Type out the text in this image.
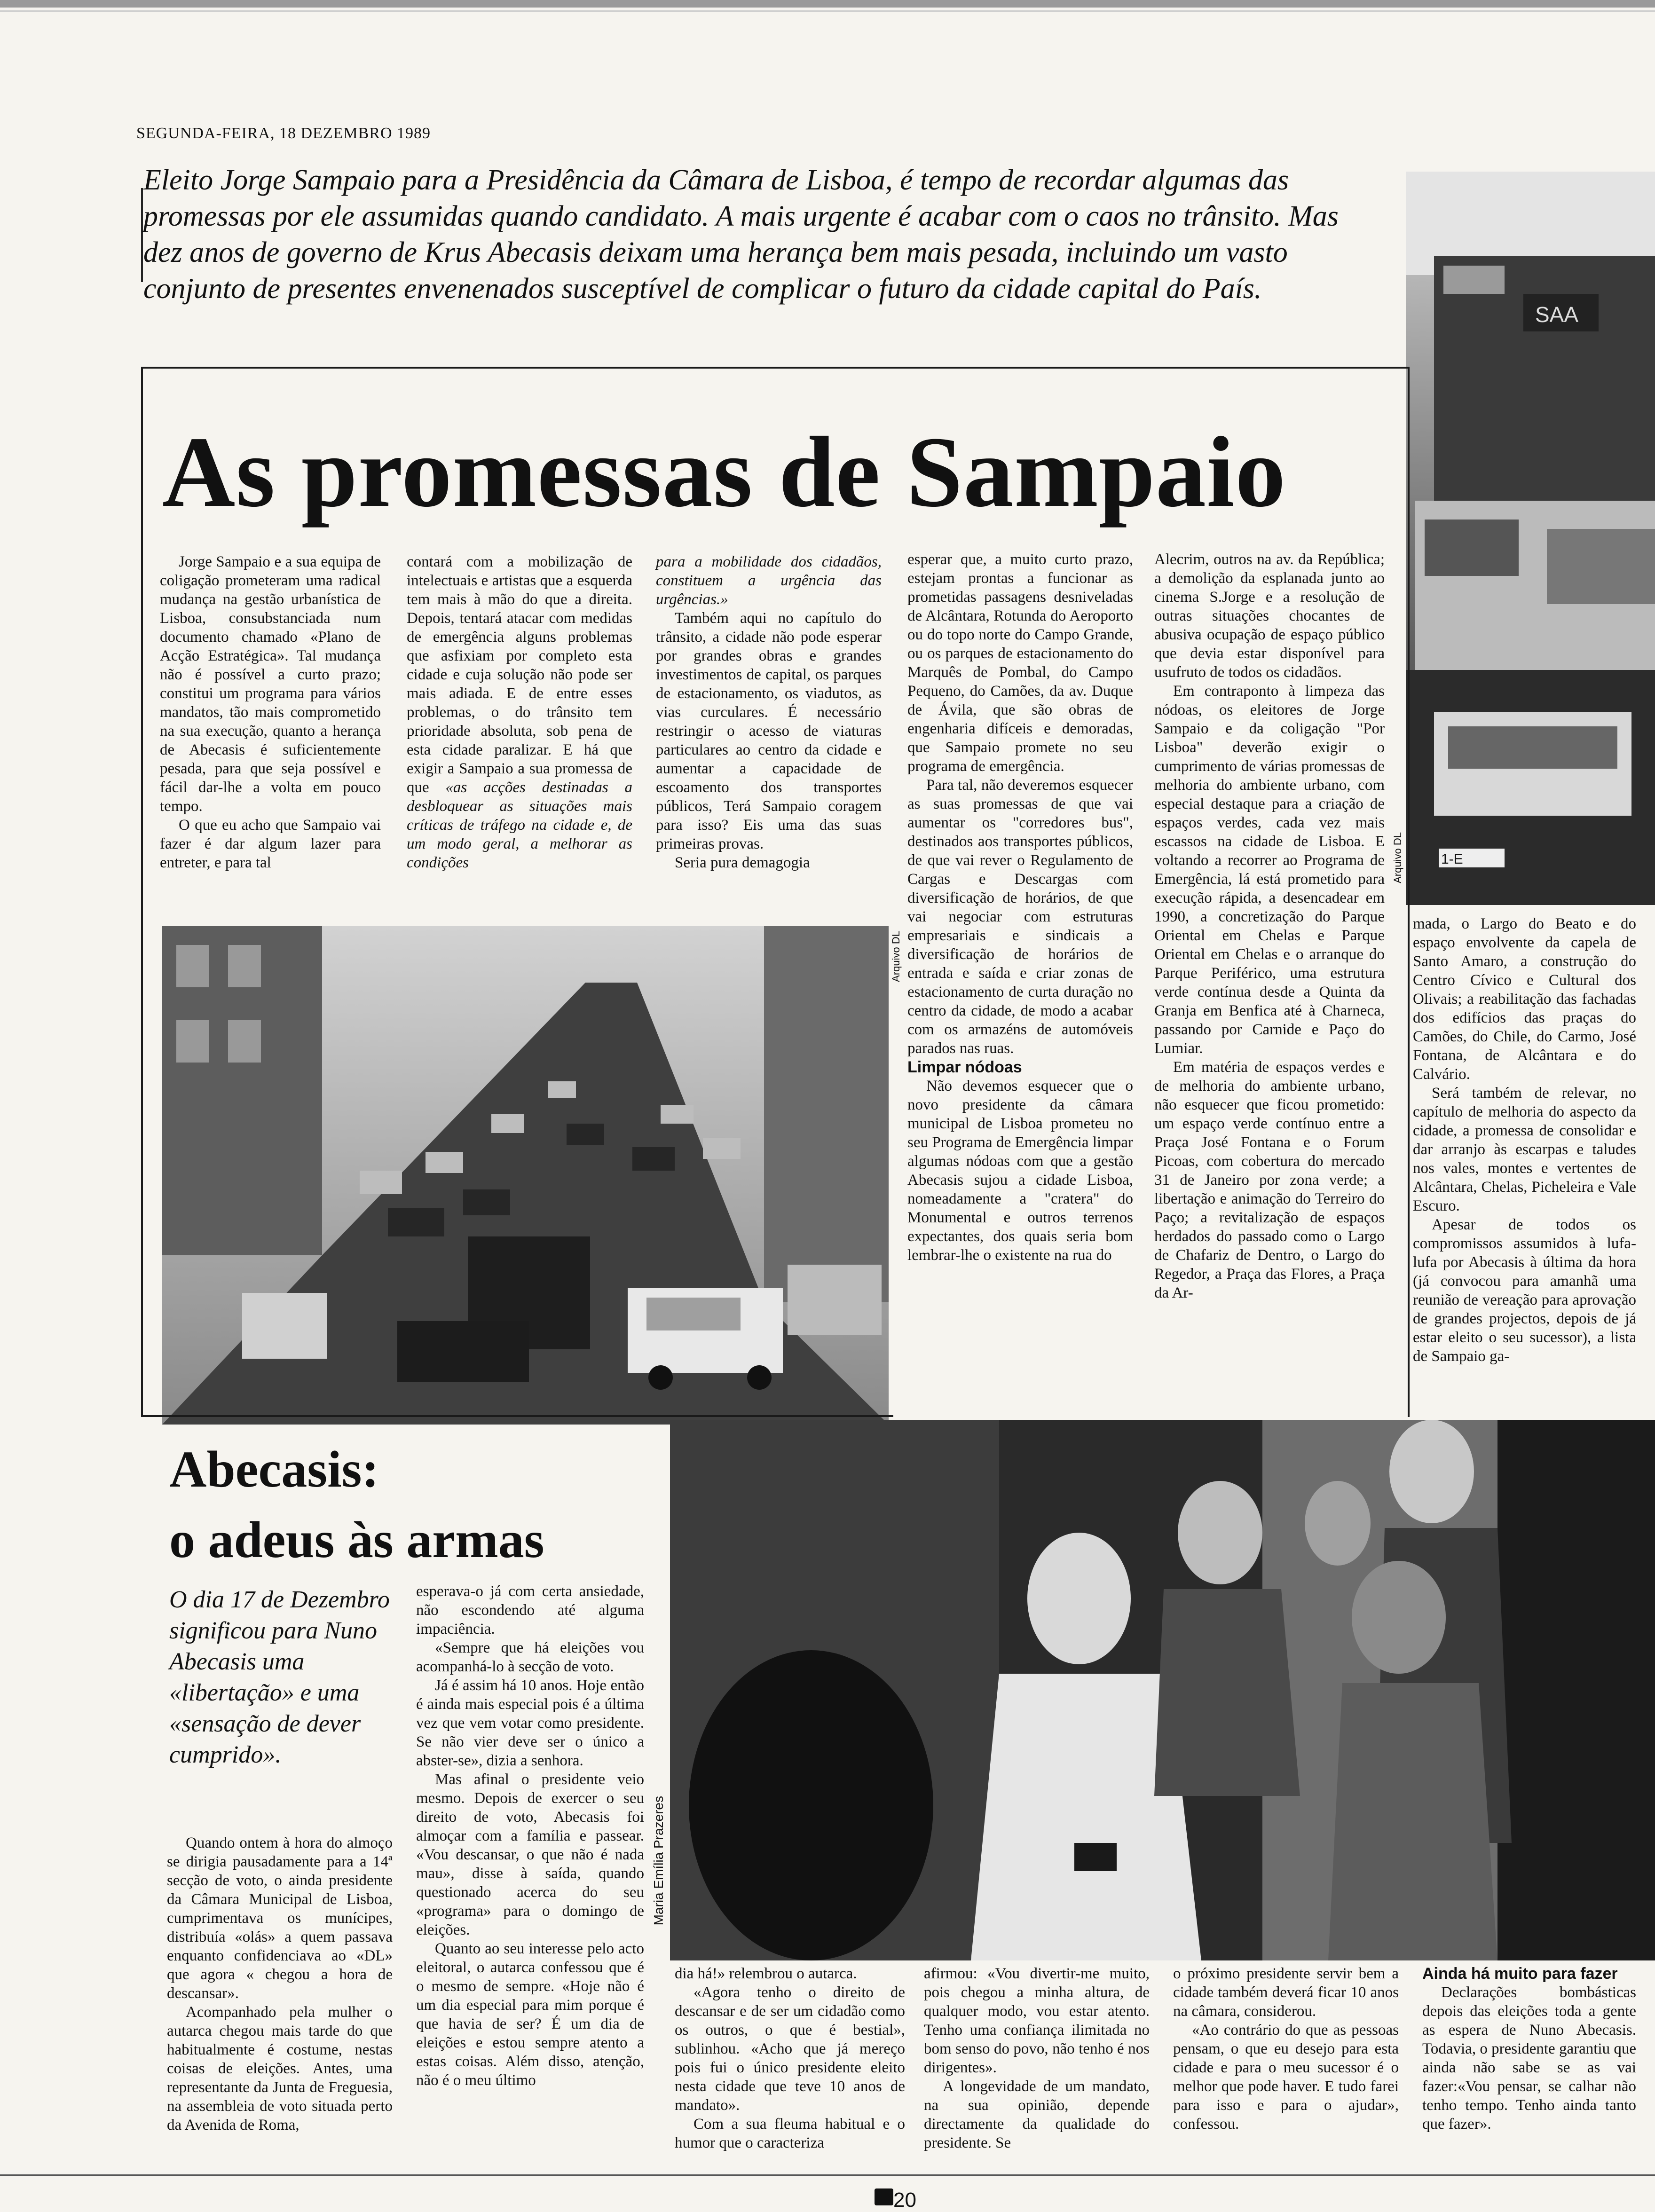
SEGUNDA-FEIRA, 18 DEZEMBRO 1989
Eleito Jorge Sampaio para a Presidência da Câmara de Lisboa, é tempo de recordar algumas das promessas por ele assumidas quando candidato. A mais urgente é acabar com o caos no trânsito. Mas dez anos de governo de Krus Abecasis deixam uma herança bem mais pesada, incluindo um vasto conjunto de presentes envenenados susceptível de complicar o futuro da cidade capital do País.
SAA
1-E
Arquivo DL
As promessas de Sampaio

Jorge Sampaio e a sua equipa de coligação prometeram uma radical mudança na gestão urbanística de Lisboa, consubstanciada num documento chamado «Plano de Acção Estratégica». Tal mudança não é possível a curto prazo; constitui um programa para vários mandatos, tão mais comprometido na sua execução, quanto a herança de Abecasis é suficientemente pesada, para que seja possível e fácil dar-lhe a volta em pouco tempo.

O que eu acho que Sampaio vai fazer é dar algum lazer para entreter, e para tal

contará com a mobilização de intelectuais e artistas que a esquerda tem mais à mão do que a direita. Depois, tentará atacar com medidas de emergência alguns problemas que asfixiam por completo esta cidade e cuja solução não pode ser mais adiada. E de entre esses problemas, o do trânsito tem prioridade absoluta, sob pena de esta cidade paralizar. E há que exigir a Sampaio a sua promessa de que «as acções destinadas a desbloquear as situações mais críticas de tráfego na cidade e, de um modo geral, a melhorar as condições

para a mobilidade dos cidadãos, constituem a urgência das urgências.»

Também aqui no capítulo do trânsito, a cidade não pode esperar por grandes obras e grandes investimentos de capital, os parques de estacionamento, os viadutos, as vias curculares. É necessário restringir o acesso de viaturas particulares ao centro da cidade e aumentar a capacidade de escoamento dos transportes públicos, Terá Sampaio coragem para isso? Eis uma das suas primeiras provas.

Seria pura demagogia

esperar que, a muito curto prazo, estejam prontas a funcionar as prometidas passagens desniveladas de Alcântara, Rotunda do Aeroporto ou do topo norte do Campo Grande, ou os parques de estacionamento do Marquês de Pombal, do Campo Pequeno, do Camões, da av. Duque de Ávila, que são obras de engenharia difíceis e demoradas, que Sampaio promete no seu programa de emergência.

Para tal, não deveremos esquecer as suas promessas de que vai aumentar os "corredores bus", destinados aos transportes públicos, de que vai rever o Regulamento de Cargas e Descargas com diversificação de horários, de que vai negociar com estruturas empresariais e sindicais a diversificação de horários de entrada e saída e criar zonas de estacionamento de curta duração no centro da cidade, de modo a acabar com os armazéns de automóveis parados nas ruas.

Limpar nódoas

Não devemos esquecer que o novo presidente da câmara municipal de Lisboa prometeu no seu Programa de Emergência limpar algumas nódoas com que a gestão Abecasis sujou a cidade Lisboa, nomeadamente a "cratera" do Monumental e outros terrenos expectantes, dos quais seria bom lembrar-lhe o existente na rua do

Alecrim, outros na av. da República; a demolição da esplanada junto ao cinema S.Jorge e a resolução de outras situações chocantes de abusiva ocupação de espaço público que devia estar disponível para usufruto de todos os cidadãos.

Em contraponto à limpeza das nódoas, os eleitores de Jorge Sampaio e da coligação "Por Lisboa" deverão exigir o cumprimento de várias promessas de melhoria do ambiente urbano, com especial destaque para a criação de espaços verdes, cada vez mais escassos na cidade de Lisboa. E voltando a recorrer ao Programa de Emergência, lá está prometido para execução rápida, a desencadear em 1990, a concretização do Parque Oriental em Chelas e Parque Oriental em Chelas e o arranque do Parque Periférico, uma estrutura verde contínua desde a Quinta da Granja em Benfica até à Charneca, passando por Carnide e Paço do Lumiar.

Em matéria de espaços verdes e de melhoria do ambiente urbano, não esquecer que ficou prometido: um espaço verde contínuo entre a Praça José Fontana e o Forum Picoas, com cobertura do mercado 31 de Janeiro por zona verde; a libertação e animação do Terreiro do Paço; a revitalização de espaços herdados do passado como o Largo de Chafariz de Dentro, o Largo do Regedor, a Praça das Flores, a Praça da Ar-

mada, o Largo do Beato e do espaço envolvente da capela de Santo Amaro, a construção do Centro Cívico e Cultural dos Olivais; a reabilitação das fachadas dos edifícios das praças do Camões, do Chile, do Carmo, José Fontana, de Alcântara e do Calvário.

Será também de relevar, no capítulo de melhoria do aspecto da cidade, a promessa de consolidar e dar arranjo às escarpas e taludes nos vales, montes e vertentes de Alcântara, Chelas, Picheleira e Vale Escuro.

Apesar de todos os compromissos assumidos à lufa-lufa por Abecasis à última da hora (já convocou para amanhã uma reunião de vereação para aprovação de grandes projectos, depois de já estar eleito o seu sucessor), a lista de Sampaio ga-

Arquivo DL
Abecasis:
o adeus às armas
O dia 17 de Dezembro significou para Nuno Abecasis uma «libertação» e uma «sensação de dever cumprido».

Quando ontem à hora do almoço se dirigia pausadamente para a 14ª secção de voto, o ainda presidente da Câmara Municipal de Lisboa, cumprimentava os munícipes, distribuía «olás» a quem passava enquanto confidenciava ao «DL» que agora « chegou a hora de descansar».

Acompanhado pela mulher o autarca chegou mais tarde do que habitualmente é costume, nestas coisas de eleições. Antes, uma representante da Junta de Freguesia, na assembleia de voto situada perto da Avenida de Roma,

esperava-o já com certa ansiedade, não escondendo até alguma impaciência.

«Sempre que há eleições vou acompanhá-lo à secção de voto.

Já é assim há 10 anos. Hoje então é ainda mais especial pois é a última vez que vem votar como presidente. Se não vier deve ser o único a abster-se», dizia a senhora.

Mas afinal o presidente veio mesmo. Depois de exercer o seu direito de voto, Abecasis foi almoçar com a família e passear. «Vou descansar, o que não é nada mau», disse à saída, quando questionado acerca do seu «programa» para o domingo de eleições.

Quanto ao seu interesse pelo acto eleitoral, o autarca confessou que é o mesmo de sempre. «Hoje não é um dia especial para mim porque é que havia de ser? É um dia de eleições e estou sempre atento a estas coisas. Além disso, atenção, não é o meu último

Maria Emília Prazeres

dia há!» relembrou o autarca.

«Agora tenho o direito de descansar e de ser um cidadão como os outros, o que é bestial», sublinhou. «Acho que já mereço pois fui o único presidente eleito nesta cidade que teve 10 anos de mandato».

Com a sua fleuma habitual e o humor que o caracteriza

afirmou: «Vou divertir-me muito, pois chegou a minha altura, de qualquer modo, vou estar atento. Tenho uma confiança ilimitada no bom senso do povo, não tenho é nos dirigentes».

A longevidade de um mandato, na sua opinião, depende directamente da qualidade do presidente. Se

o próximo presidente servir bem a cidade também deverá ficar 10 anos na câmara, considerou.

«Ao contrário do que as pessoas pensam, o que eu desejo para esta cidade e para o meu sucessor é o melhor que pode haver. E tudo farei para isso e para o ajudar», confessou.

Ainda há muito para fazer

Declarações bombásticas depois das eleições toda a gente as espera de Nuno Abecasis. Todavia, o presidente garantiu que ainda não sabe se as vai fazer:«Vou pensar, se calhar não tenho tempo. Tenho ainda tanto que fazer».

20
